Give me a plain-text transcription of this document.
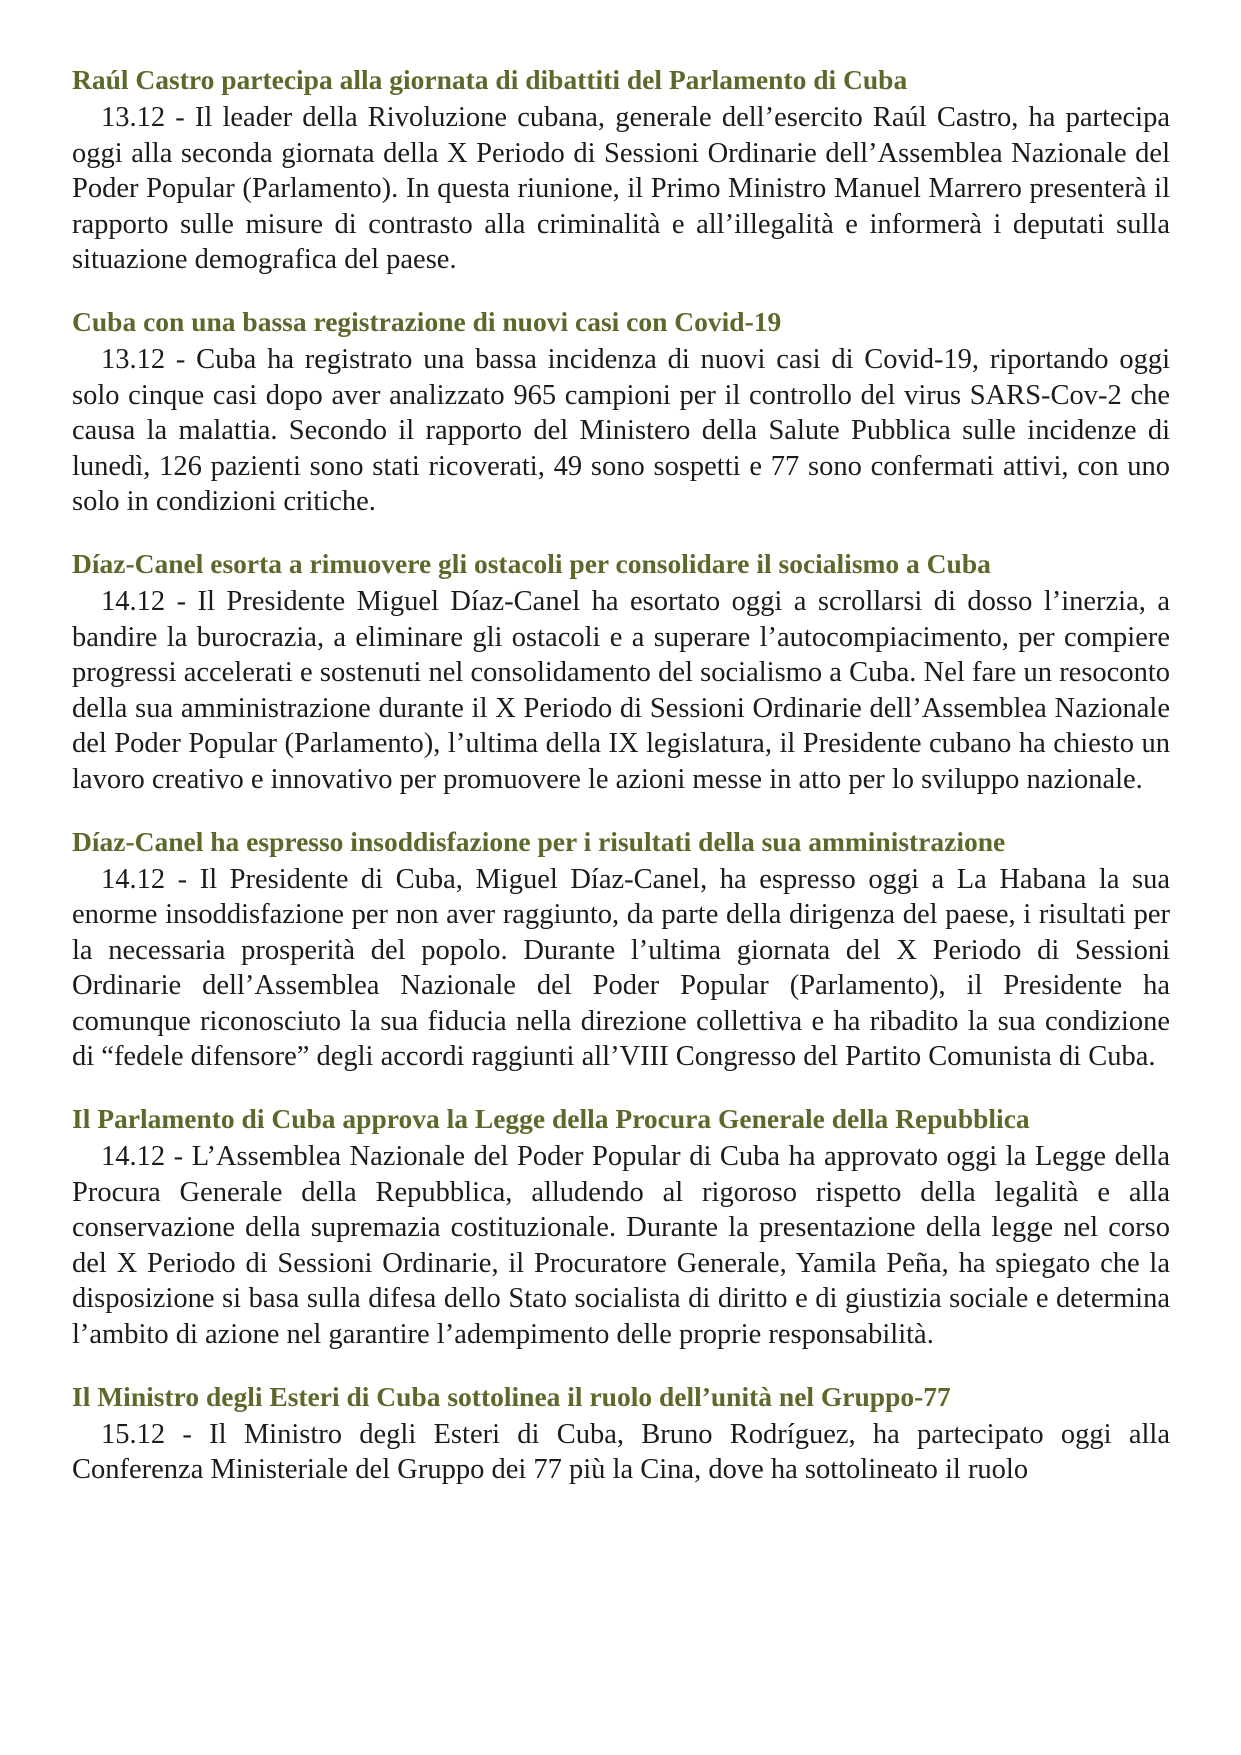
Raúl Castro partecipa alla giornata di dibattiti del Parlamento di Cuba

13.12 - Il leader della Rivoluzione cubana, generale dell’esercito Raúl Castro, ha partecipa oggi alla seconda giornata della X Periodo di Sessioni Ordinarie dell’Assemblea Nazionale del Poder Popular (Parlamento). In questa riunione, il Primo Ministro Manuel Marrero presenterà il rapporto sulle misure di contrasto alla criminalità e all’illegalità e informerà i deputati sulla situazione demografica del paese.

Cuba con una bassa registrazione di nuovi casi con Covid-19

13.12 - Cuba ha registrato una bassa incidenza di nuovi casi di Covid-19, riportando oggi solo cinque casi dopo aver analizzato 965 campioni per il controllo del virus SARS-Cov-2 che causa la malattia. Secondo il rapporto del Ministero della Salute Pubblica sulle incidenze di lunedì, 126 pazienti sono stati ricoverati, 49 sono sospetti e 77 sono confermati attivi, con uno solo in condizioni critiche.

Díaz-Canel esorta a rimuovere gli ostacoli per consolidare il socialismo a Cuba

14.12 - Il Presidente Miguel Díaz-Canel ha esortato oggi a scrollarsi di dosso l’inerzia, a bandire la burocrazia, a eliminare gli ostacoli e a superare l’autocompiacimento, per compiere progressi accelerati e sostenuti nel consolidamento del socialismo a Cuba. Nel fare un resoconto della sua amministrazione durante il X Periodo di Sessioni Ordinarie dell’Assemblea Nazionale del Poder Popular (Parlamento), l’ultima della IX legislatura, il Presidente cubano ha chiesto un lavoro creativo e innovativo per promuovere le azioni messe in atto per lo sviluppo nazionale.

Díaz-Canel ha espresso insoddisfazione per i risultati della sua amministrazione

14.12 - Il Presidente di Cuba, Miguel Díaz-Canel, ha espresso oggi a La Habana la sua enorme insoddisfazione per non aver raggiunto, da parte della dirigenza del paese, i risultati per la necessaria prosperità del popolo. Durante l’ultima giornata del X Periodo di Sessioni Ordinarie dell’Assemblea Nazionale del Poder Popular (Parlamento), il Presidente ha comunque riconosciuto la sua fiducia nella direzione collettiva e ha ribadito la sua condizione di “fedele difensore” degli accordi raggiunti all’VIII Congresso del Partito Comunista di Cuba.

Il Parlamento di Cuba approva la Legge della Procura Generale della Repubblica

14.12 - L’Assemblea Nazionale del Poder Popular di Cuba ha approvato oggi la Legge della Procura Generale della Repubblica, alludendo al rigoroso rispetto della legalità e alla conservazione della supremazia costituzionale. Durante la presentazione della legge nel corso del X Periodo di Sessioni Ordinarie, il Procuratore Generale, Yamila Peña, ha spiegato che la disposizione si basa sulla difesa dello Stato socialista di diritto e di giustizia sociale e determina l’ambito di azione nel garantire l’adempimento delle proprie responsabilità.

Il Ministro degli Esteri di Cuba sottolinea il ruolo dell’unità nel Gruppo-77

15.12 - Il Ministro degli Esteri di Cuba, Bruno Rodríguez, ha partecipato oggi alla Conferenza Ministeriale del Gruppo dei 77 più la Cina, dove ha sottolineato il ruolo
